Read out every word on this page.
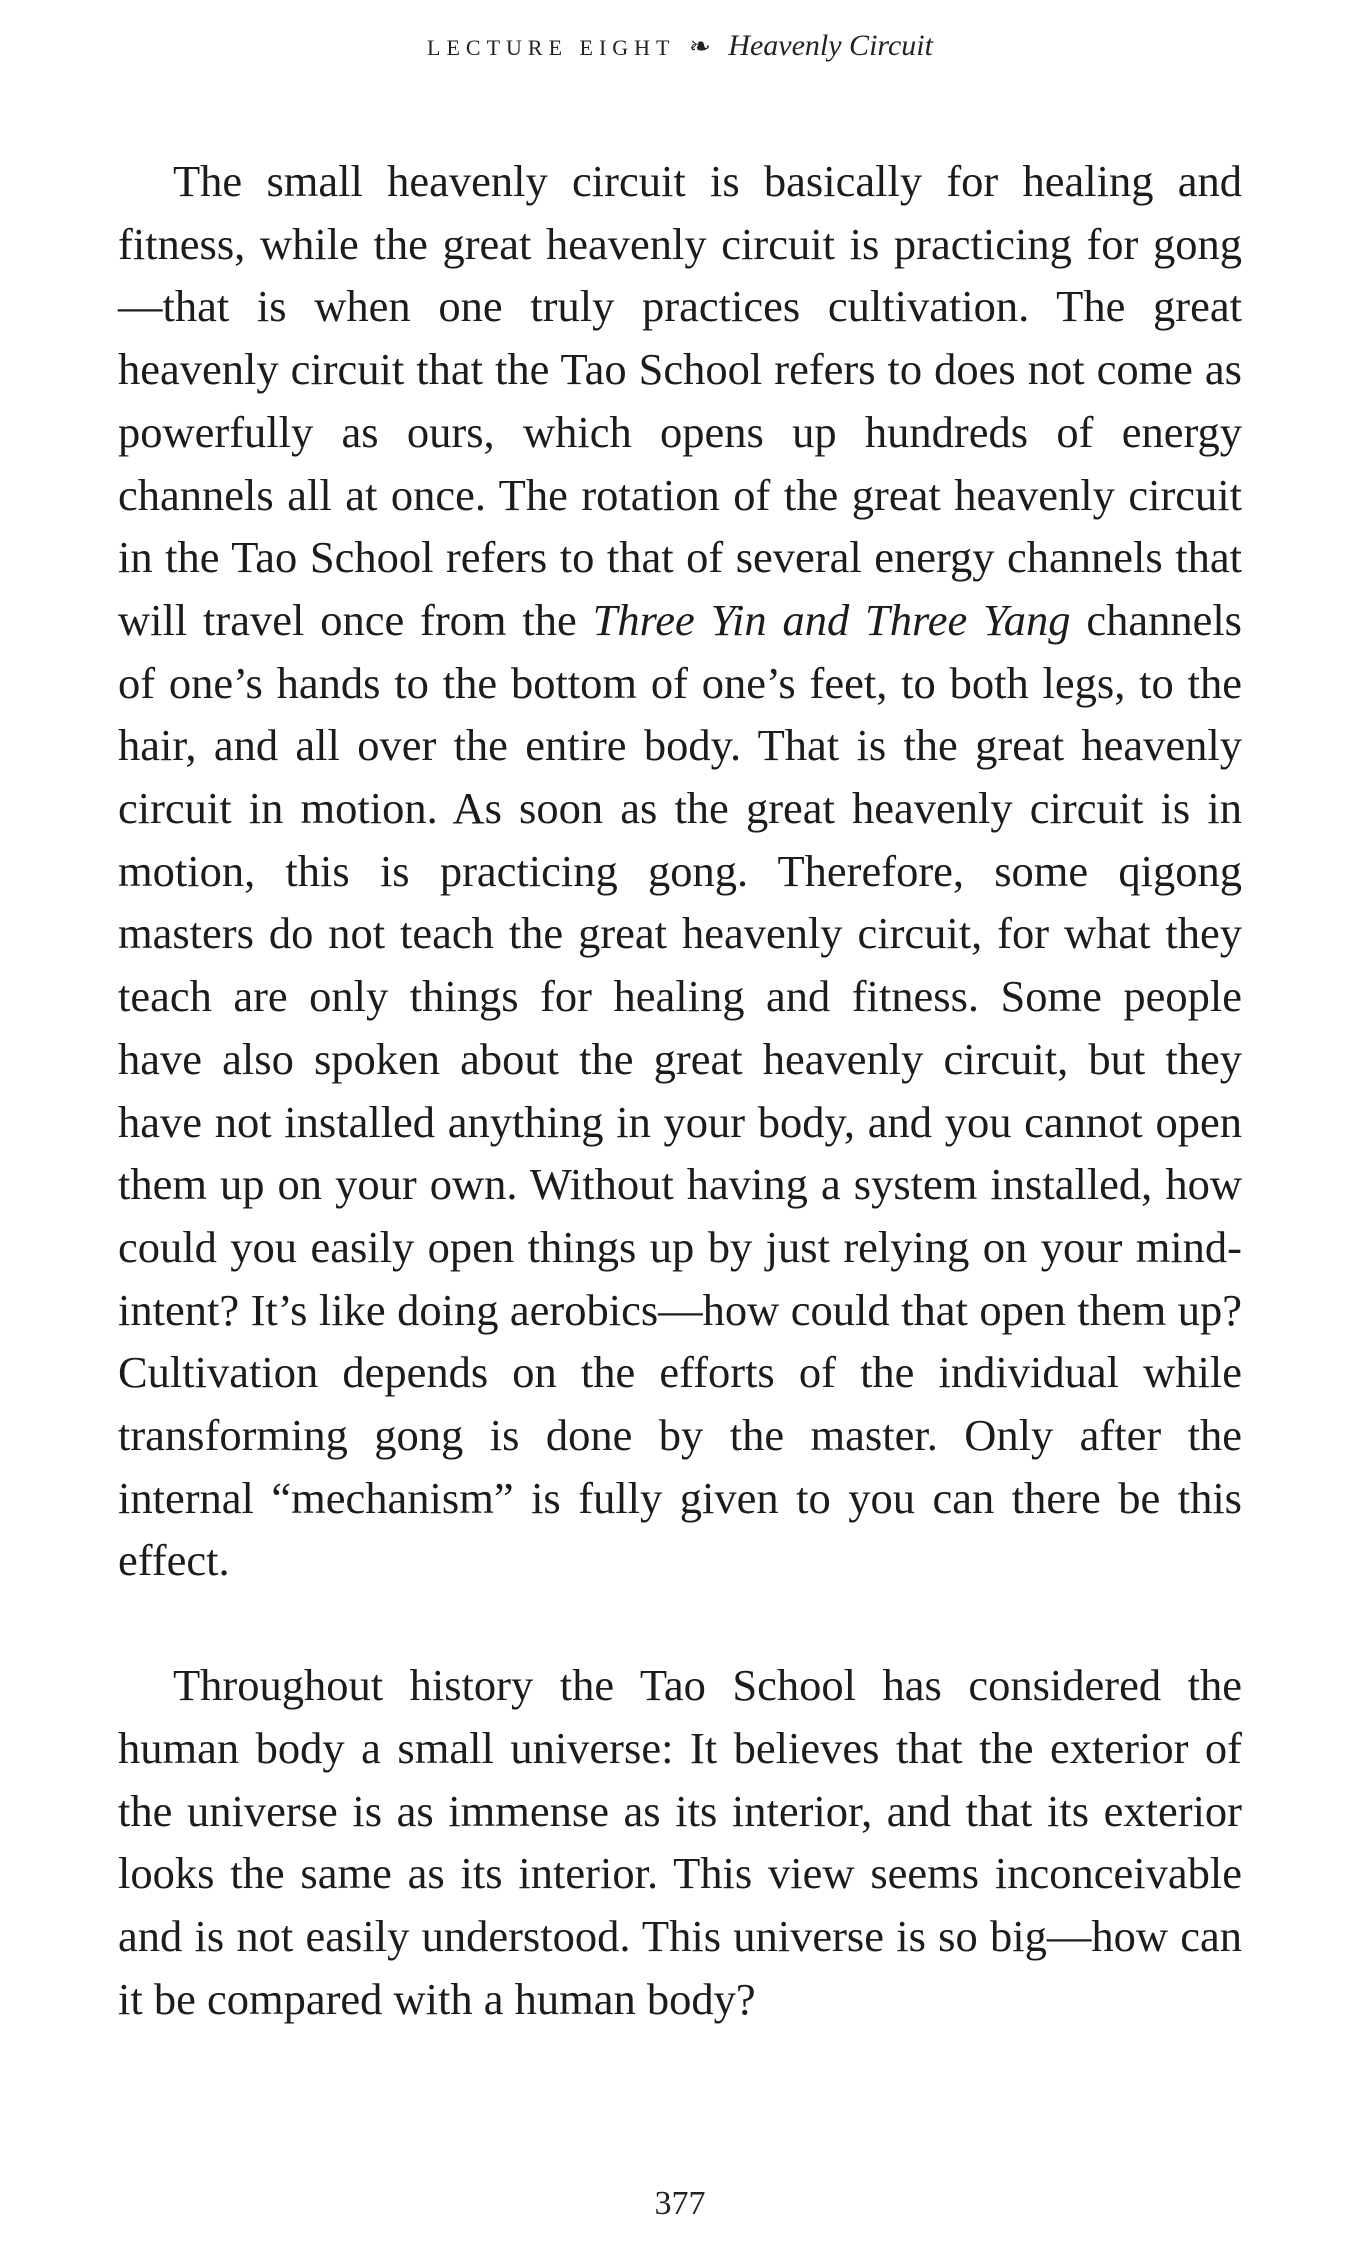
LECTURE EIGHT ❧ Heavenly Circuit

The small heavenly circuit is basically for healing and fitness, while the great heavenly circuit is practicing for gong—that is when one truly practices cultivation. The great heavenly circuit that the Tao School refers to does not come as powerfully as ours, which opens up hundreds of energy channels all at once. The rotation of the great heavenly circuit in the Tao School refers to that of several energy channels that will travel once from the Three Yin and Three Yang channels of one’s hands to the bottom of one’s feet, to both legs, to the hair, and all over the entire body. That is the great heavenly circuit in motion. As soon as the great heavenly circuit is in motion, this is practicing gong. Therefore, some qigong masters do not teach the great heavenly circuit, for what they teach are only things for healing and fitness. Some people have also spoken about the great heavenly circuit, but they have not installed anything in your body, and you cannot open them up on your own. Without having a system installed, how could you easily open things up by just relying on your mind-intent? It’s like doing aerobics—how could that open them up? Cultivation depends on the efforts of the individual while transforming gong is done by the master. Only after the internal “mechanism” is fully given to you can there be this effect.

Throughout history the Tao School has considered the human body a small universe: It believes that the exterior of the universe is as immense as its interior, and that its exterior looks the same as its interior. This view seems inconceivable and is not easily understood. This universe is so big—how can it be compared with a human body?

377
